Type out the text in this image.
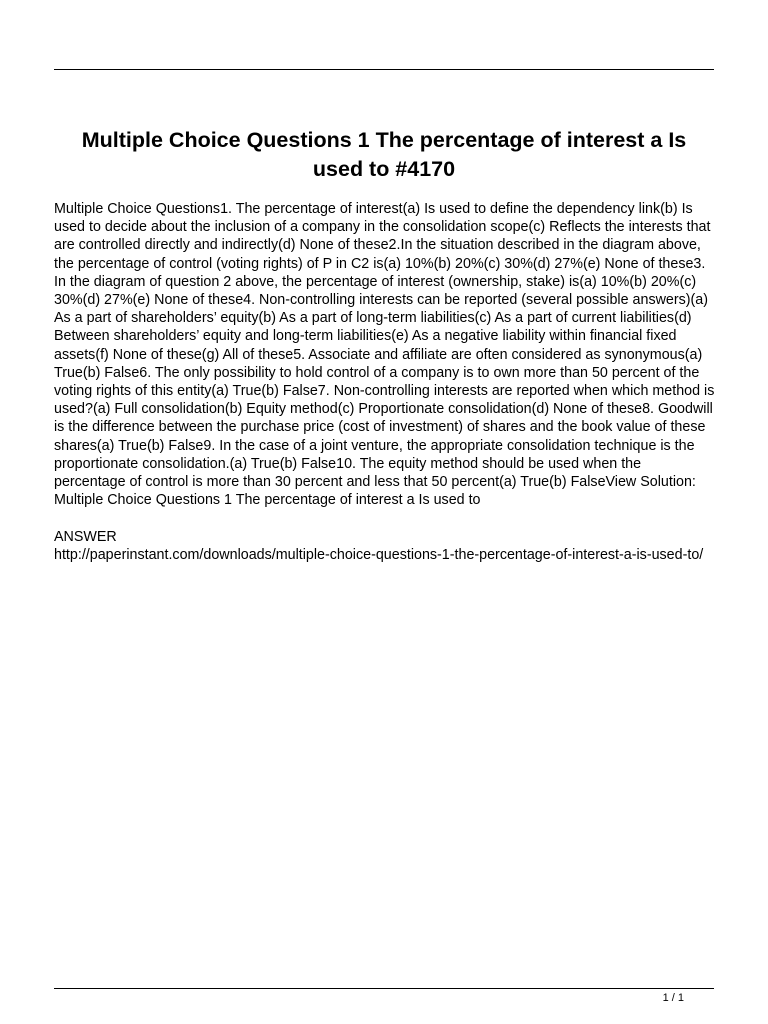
Multiple Choice Questions 1 The percentage of interest a Is used to #4170

Multiple Choice Questions1. The percentage of interest(a) Is used to define the dependency link(b) Is used to decide about the inclusion of a company in the consolidation scope(c) Reflects the interests that are controlled directly and indirectly(d) None of these2.In the situation described in the diagram above, the percentage of control (voting rights) of P in C2 is(a) 10%(b) 20%(c) 30%(d) 27%(e) None of these3. In the diagram of question 2 above, the percentage of interest (ownership, stake) is(a) 10%(b) 20%(c) 30%(d) 27%(e) None of these4. Non-controlling interests can be reported (several possible answers)(a) As a part of shareholders’ equity(b) As a part of long-term liabilities(c) As a part of current liabilities(d) Between shareholders’ equity and long-term liabilities(e) As a negative liability within financial fixed assets(f) None of these(g) All of these5. Associate and affiliate are often considered as synonymous(a) True(b) False6. The only possibility to hold control of a company is to own more than 50 percent of the voting rights of this entity(a) True(b) False7. Non-controlling interests are reported when which method is used?(a) Full consolidation(b) Equity method(c) Proportionate consolidation(d) None of these8. Goodwill is the difference between the purchase price (cost of investment) of shares and the book value of these shares(a) True(b) False9. In the case of a joint venture, the appropriate consolidation technique is the proportionate consolidation.(a) True(b) False10. The equity method should be used when the percentage of control is more than 30 percent and less that 50 percent(a) True(b) FalseView Solution:

Multiple Choice Questions 1 The percentage of interest a Is used to

ANSWER

http://paperinstant.com/downloads/multiple-choice-questions-1-the-percentage-of-interest-a-is-used-to/

1 / 1
